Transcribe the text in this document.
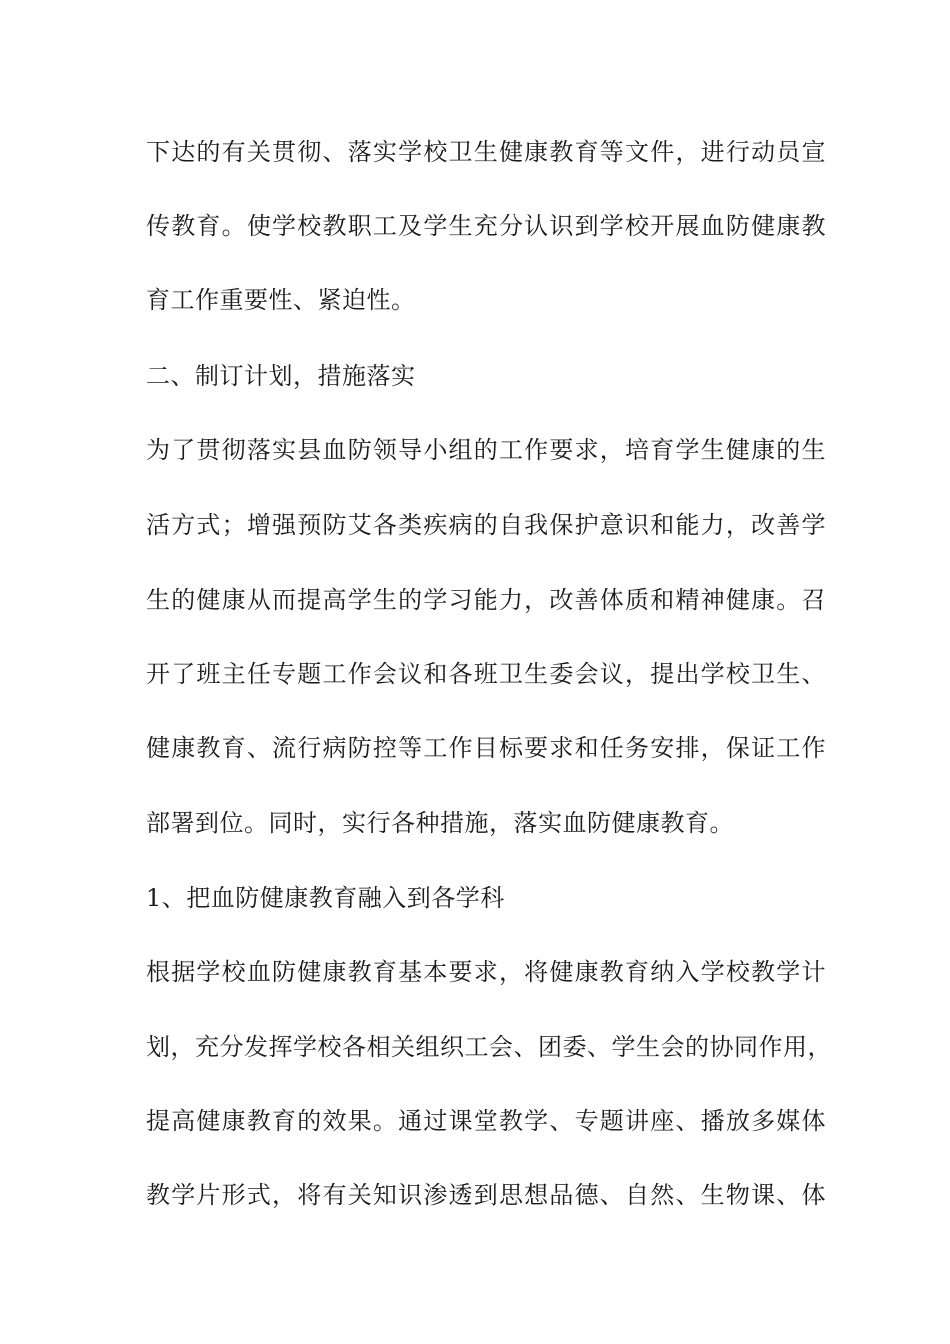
下达的有关贯彻、落实学校卫生健康教育等文件，进行动员宣
传教育。使学校教职工及学生充分认识到学校开展血防健康教
育工作重要性、紧迫性。
二、制订计划，措施落实
为了贯彻落实县血防领导小组的工作要求，培育学生健康的生
活方式；增强预防艾各类疾病的自我保护意识和能力，改善学
生的健康从而提高学生的学习能力，改善体质和精神健康。召
开了班主任专题工作会议和各班卫生委会议，提出学校卫生、
健康教育、流行病防控等工作目标要求和任务安排，保证工作
部署到位。同时，实行各种措施，落实血防健康教育。
1、把血防健康教育融入到各学科
根据学校血防健康教育基本要求，将健康教育纳入学校教学计
划，充分发挥学校各相关组织工会、团委、学生会的协同作用，
提高健康教育的效果。通过课堂教学、专题讲座、播放多媒体
教学片形式，将有关知识渗透到思想品德、自然、生物课、体
